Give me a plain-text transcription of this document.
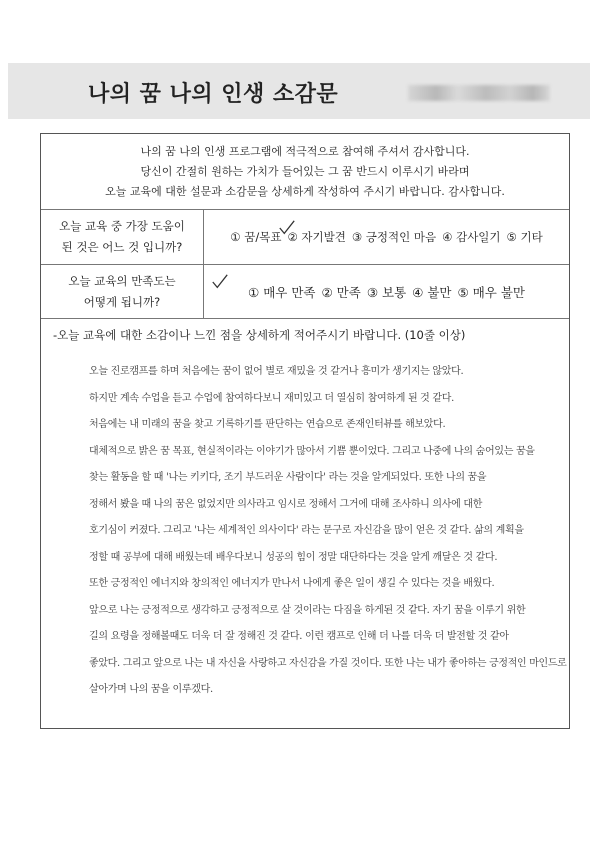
나의 꿈 나의 인생 소감문
나의 꿈 나의 인생 프로그램에 적극적으로 참여해 주셔서 감사합니다.
당신이 간절히 원하는 가치가 들어있는 그 꿈 반드시 이루시기 바라며
오늘 교육에 대한 설문과 소감문을 상세하게 작성하여 주시기 바랍니다. 감사합니다.
오늘 교육 중 가장 도움이
된 것은 어느 것 입니까?
① 꿈/목표 ② 자기발견 ③ 긍정적인 마음 ④ 감사일기 ⑤ 기타
오늘 교육의 만족도는
어떻게 됩니까?
① 매우 만족 ② 만족 ③ 보통 ④ 불만 ⑤ 매우 불만
-오늘 교육에 대한 소감이나 느낀 점을 상세하게 적어주시기 바랍니다. (10줄 이상)
오늘 진로캠프를 하며 처음에는 꿈이 없어 별로 재밌을 것 같거나 흥미가 생기지는 않았다.
하지만 계속 수업을 듣고 수업에 참여하다보니 재미있고 더 열심히 참여하게 된 것 같다.
처음에는 내 미래의 꿈을 찾고 기록하기를 판단하는 연습으로 존재인터뷰를 해보았다.
대체적으로 밝은 꿈 목표, 현실적이라는 이야기가 많아서 기쁨 뿐이었다. 그리고 나중에 나의 숨어있는 꿈을
찾는 활동을 할 때 '나는 키키다, 조기 부드러운 사람이다' 라는 것을 알게되었다. 또한 나의 꿈을
정해서 봤을 때 나의 꿈은 없었지만 의사라고 임시로 정해서 그거에 대해 조사하니 의사에 대한
호기심이 커졌다. 그리고 '나는 세계적인 의사이다' 라는 문구로 자신감을 많이 얻은 것 같다. 삶의 계획을
정할 때 공부에 대해 배웠는데 배우다보니 성공의 힘이 정말 대단하다는 것을 알게 깨달은 것 같다.
또한 긍정적인 에너지와 창의적인 에너지가 만나서 나에게 좋은 일이 생길 수 있다는 것을 배웠다.
앞으로 나는 긍정적으로 생각하고 긍정적으로 살 것이라는 다짐을 하게된 것 같다. 자기 꿈을 이루기 위한
길의 요령을 정해볼때도 더욱 더 잘 정해진 것 같다. 이런 캠프로 인해 더 나를 더욱 더 발전할 것 같아
좋았다. 그리고 앞으로 나는 내 자신을 사랑하고 자신감을 가질 것이다. 또한 나는 내가 좋아하는 긍정적인 마인드로
살아가며 나의 꿈을 이루겠다.
